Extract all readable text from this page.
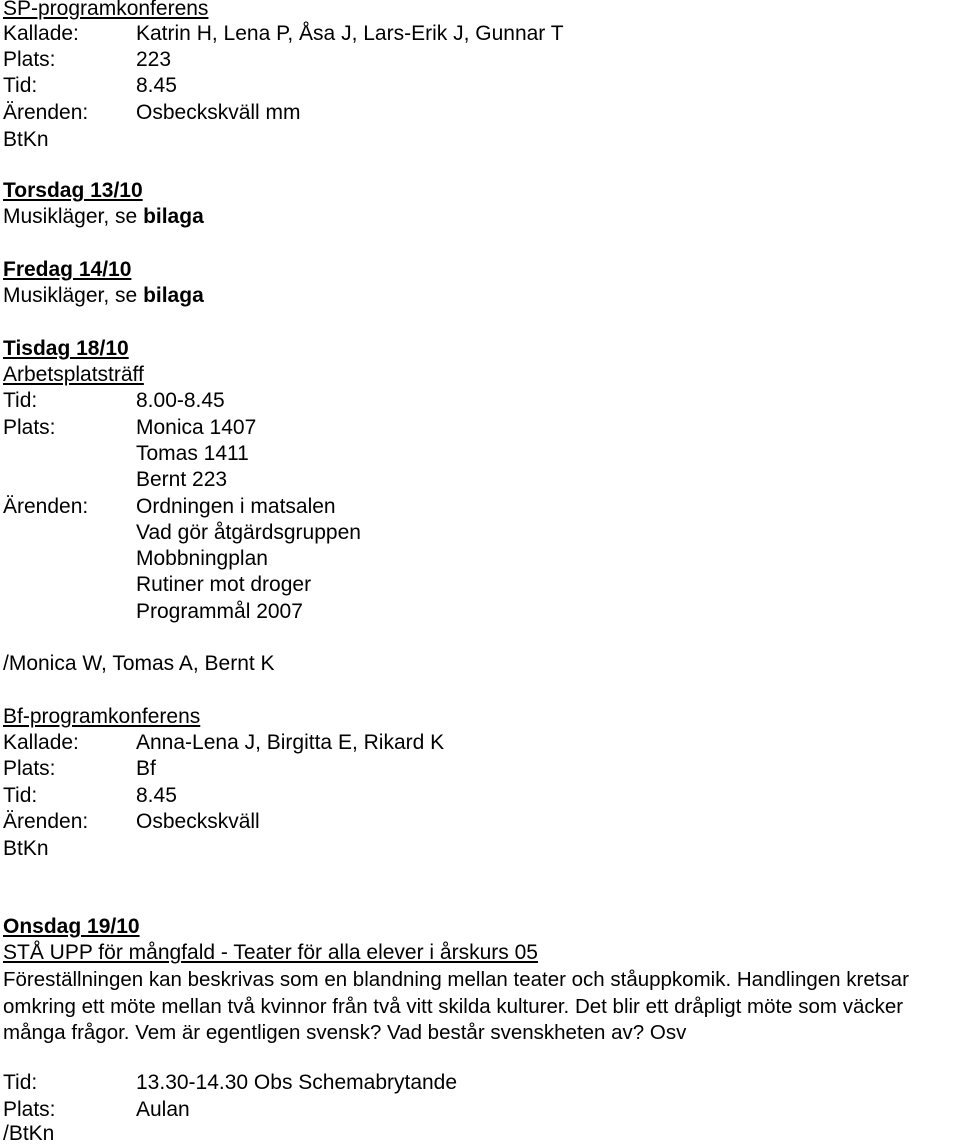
SP-programkonferens
Kallade:	Katrin H, Lena P, Åsa J, Lars-Erik J, Gunnar T
Plats:	223
Tid:	8.45
Ärenden: Osbeckskväll mm
BtKn
Torsdag 13/10
Musikläger, se bilaga
Fredag 14/10
Musikläger, se bilaga
Tisdag 18/10
Arbetsplatsträff
Tid:	8.00-8.45
Plats:	Monica 1407
Tomas 1411
Bernt 223
Ärenden: Ordningen i matsalen
Vad gör åtgärdsgruppen
Mobbningplan
Rutiner mot droger
Programmål 2007
/Monica W, Tomas A, Bernt K
Bf-programkonferens
Kallade:	Anna-Lena J, Birgitta E, Rikard K
Plats:	Bf
Tid:	8.45
Ärenden: Osbeckskväll
BtKn
Onsdag 19/10
STÅ UPP för mångfald - Teater för alla elever i årskurs 05
Föreställningen kan beskrivas som en blandning mellan teater och ståuppkomik. Handlingen kretsar omkring ett möte mellan två kvinnor från två vitt skilda kulturer. Det blir ett dråpligt möte som väcker många frågor. Vem är egentligen svensk? Vad består svenskheten av? Osv
Tid:	13.30-14.30 Obs Schemabrytande
Plats:	Aulan
/BtKn
